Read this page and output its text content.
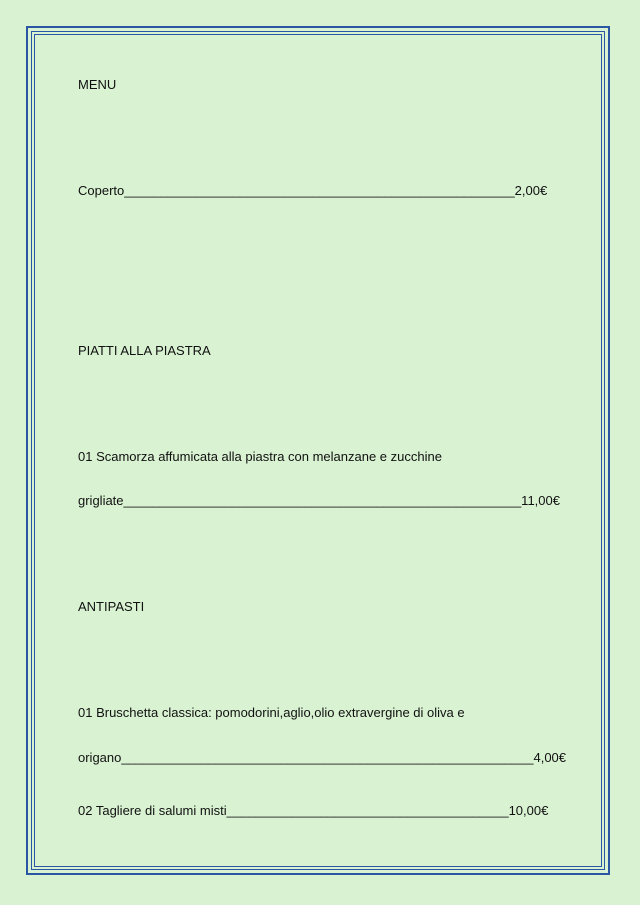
MENU

Coperto______________________________________________________2,00€

PIATTI ALLA PIASTRA

01 Scamorza affumicata alla piastra con melanzane e zucchine

grigliate_______________________________________________________11,00€

ANTIPASTI

01 Bruschetta classica: pomodorini,aglio,olio extravergine di oliva e

origano_________________________________________________________4,00€

02 Tagliere di salumi misti_______________________________________10,00€
